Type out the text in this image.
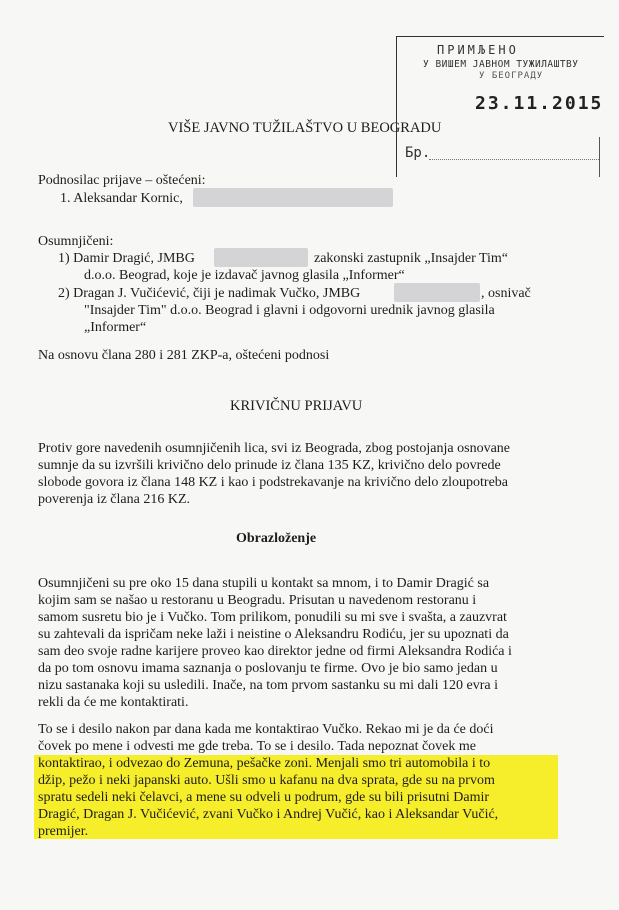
ПРИМЉЕНО
У ВИШЕМ ЈАВНОМ ТУЖИЛАШТВУ
У БЕОГРАДУ
23.11.2015
Бр.
VIŠE JAVNO TUŽILAŠTVO U BEOGRADU
Podnosilac prijave – oštećeni:
1. Aleksandar Kornic,
Osumnjičeni:
1) Damir Dragić, JMBG	zakonski zastupnik „Insajder Tim“
d.o.o. Beograd, koje je izdavač javnog glasila „Informer“
2) Dragan J. Vučićević, čiji je nadimak Vučko, JMBG	, osnivač
"Insajder Tim" d.o.o. Beograd i glavni i odgovorni urednik javnog glasila
„Informer“
Na osnovu člana 280 i 281 ZKP-a, oštećeni podnosi
KRIVIČNU PRIJAVU
Protiv gore navedenih osumnjičenih lica, svi iz Beograda, zbog postojanja osnovane
sumnje da su izvršili krivično delo prinude iz člana 135 KZ, krivično delo povrede
slobode govora iz člana 148 KZ i kao i podstrekavanje na krivično delo zloupotreba
poverenja iz člana 216 KZ.
Obrazloženje
Osumnjičeni su pre oko 15 dana stupili u kontakt sa mnom, i to Damir Dragić sa
kojim sam se našao u restoranu u Beogradu. Prisutan u navedenom restoranu i
samom susretu bio je i Vučko. Tom prilikom, ponudili su mi sve i svašta, a zauzvrat
su zahtevali da ispričam neke laži i neistine o Aleksandru Rodiću, jer su upoznati da
sam deo svoje radne karijere proveo kao direktor jedne od firmi Aleksandra Rodića i
da po tom osnovu imama saznanja o poslovanju te firme. Ovo je bio samo jedan u
nizu sastanaka koji su usledili. Inače, na tom prvom sastanku su mi dali 120 evra i
rekli da će me kontaktirati.
To se i desilo nakon par dana kada me kontaktirao Vučko. Rekao mi je da će doći
čovek po mene i odvesti me gde treba. To se i desilo. Tada nepoznat čovek me
kontaktirao, i odvezao do Zemuna, pešačke zoni. Menjali smo tri automobila i to
džip, pežo i neki japanski auto. Ušli smo u kafanu na dva sprata, gde su na prvom
spratu sedeli neki čelavci, a mene su odveli u podrum, gde su bili prisutni Damir
Dragić, Dragan J. Vučićević, zvani Vučko i Andrej Vučić, kao i Aleksandar Vučić,
premijer.
